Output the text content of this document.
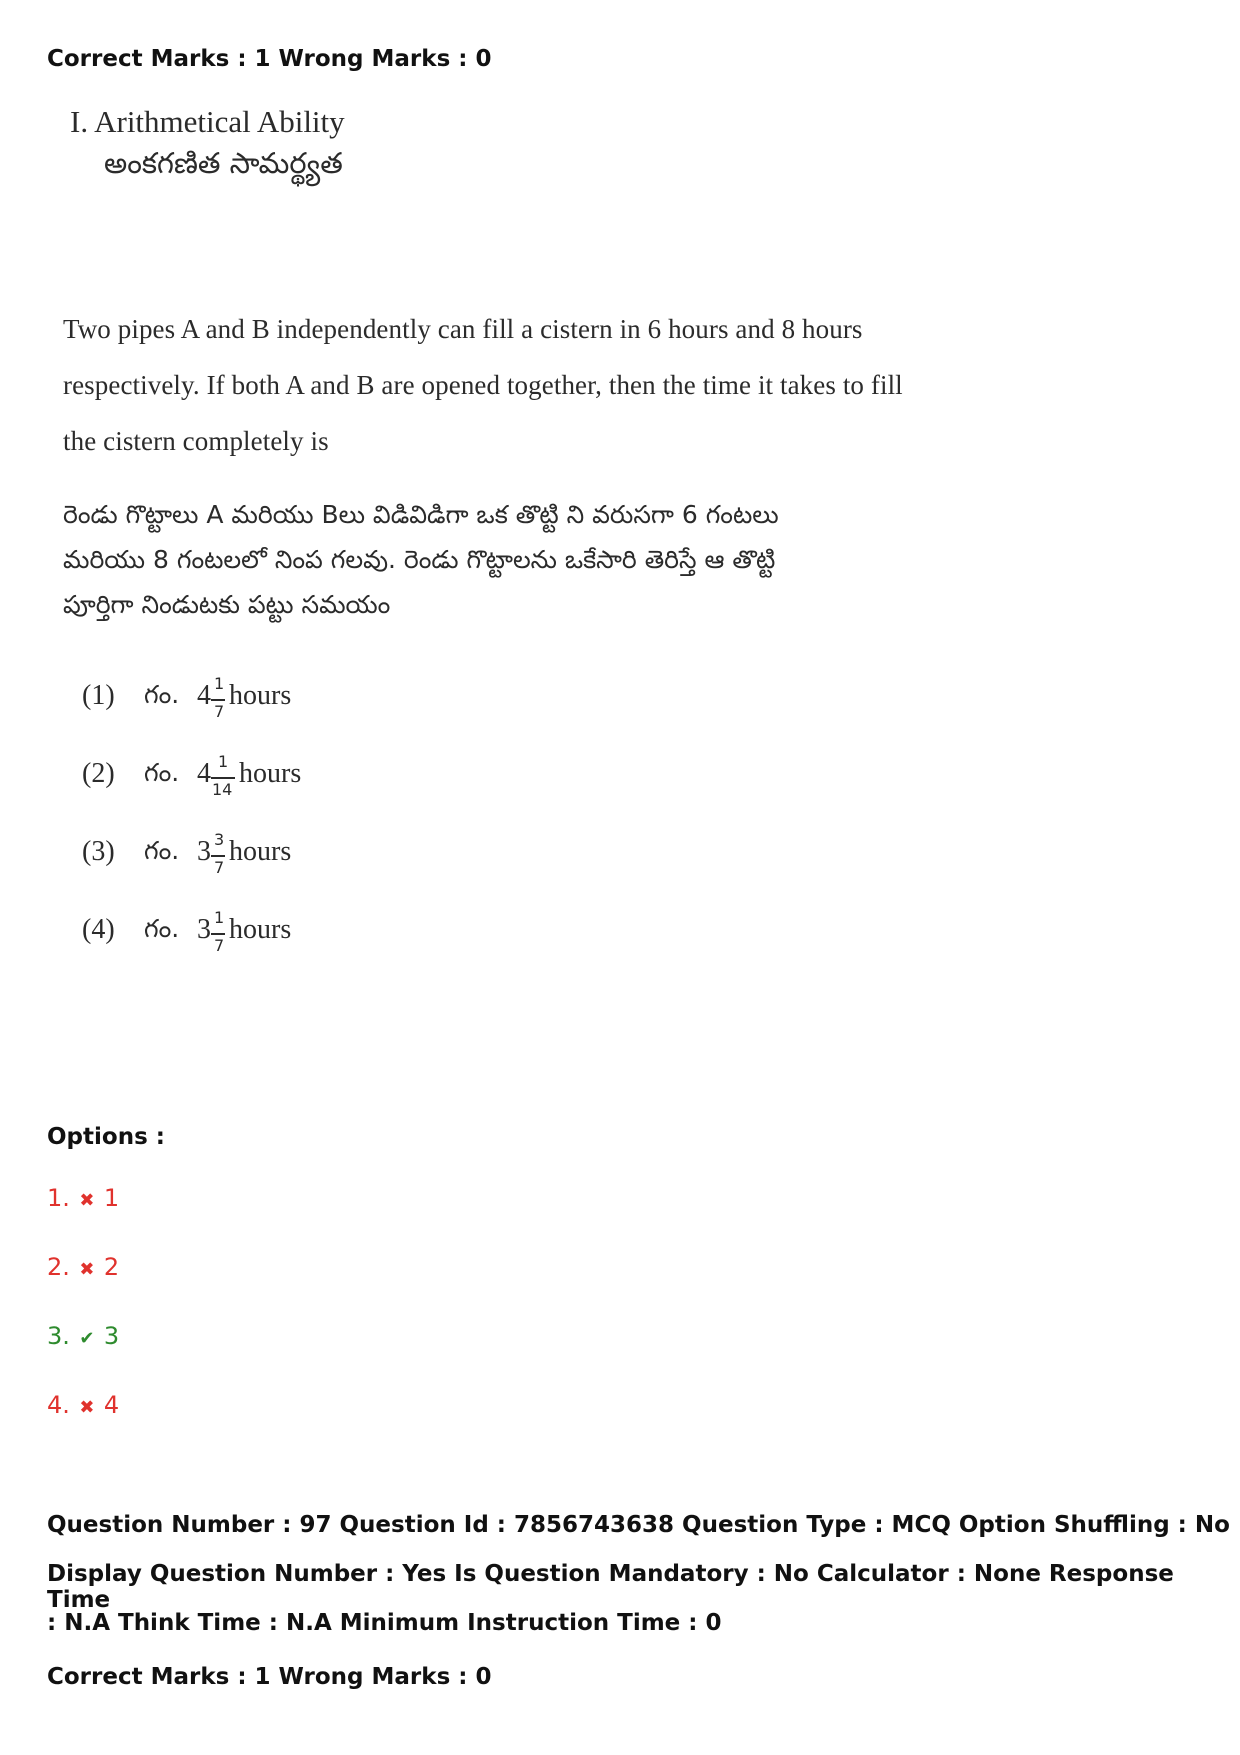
Correct Marks : 1 Wrong Marks : 0
I. Arithmetical Ability
అంకగణిత సామర్థ్యత
Two pipes A and B independently can fill a cistern in 6 hours and 8 hours
respectively. If both A and B are opened together, then the time it takes to fill
the cistern completely is
రెండు గొట్టాలు A మరియు Bలు విడివిడిగా ఒక తొట్టి ని వరుసగా 6 గంటలు
మరియు 8 గంటలలో నింప గలవు. రెండు గొట్టాలను ఒకేసారి తెరిస్తే ఆ తొట్టి
పూర్తిగా నిండుటకు పట్టు సమయం
(1) గం. 4 1
7
hours
(2) గం. 4 1
14
hours
(3) గం. 3 3
7
hours
(4) గం. 3 1
7
hours
Options :
1. ✖ 1
2. ✖ 2
3. ✔ 3
4. ✖ 4
Question Number : 97 Question Id : 7856743638 Question Type : MCQ Option Shuffling : No
Display Question Number : Yes Is Question Mandatory : No Calculator : None Response Time
: N.A Think Time : N.A Minimum Instruction Time : 0
Correct Marks : 1 Wrong Marks : 0
